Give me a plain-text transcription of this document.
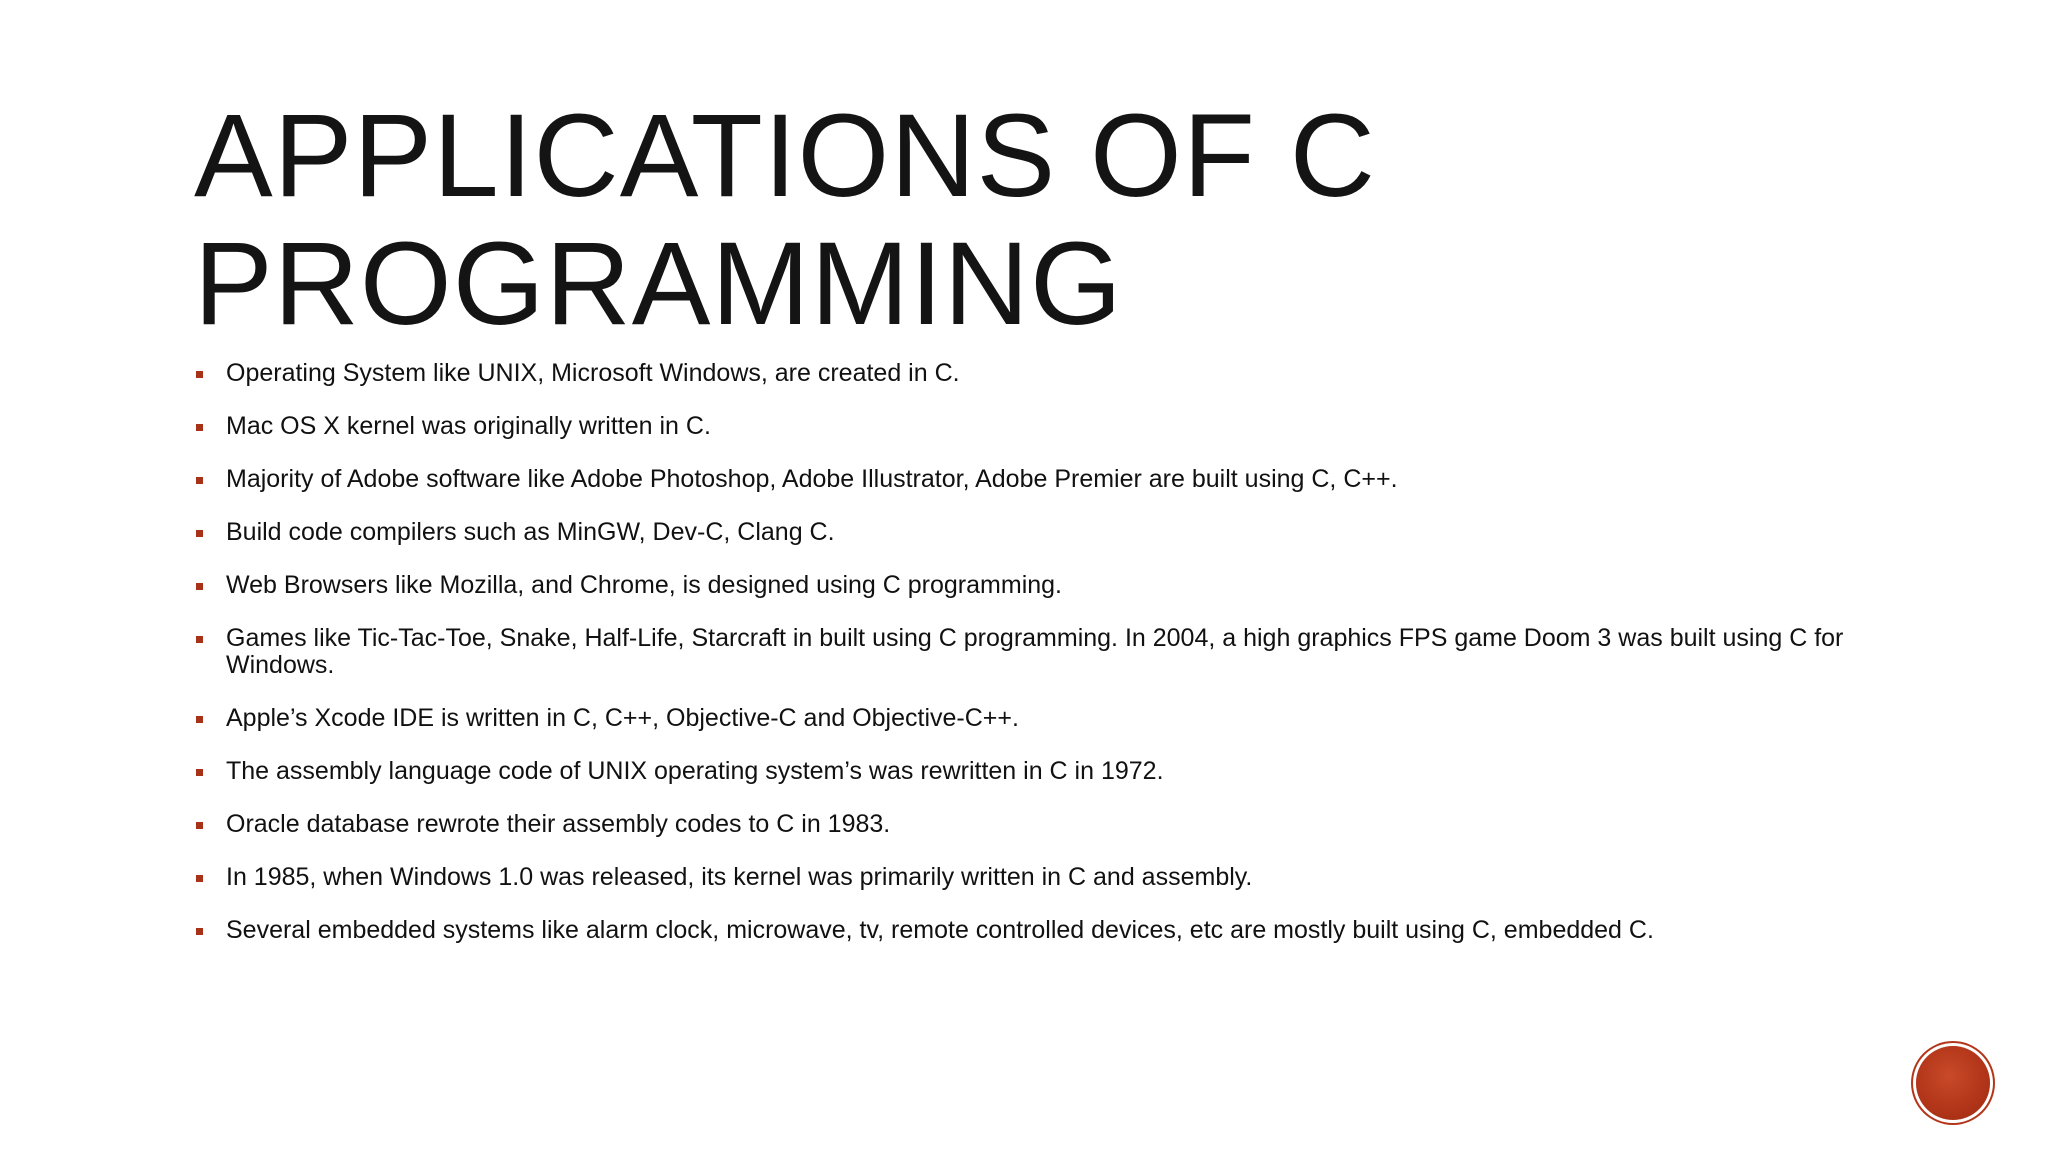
APPLICATIONS OF C
PROGRAMMING
Operating System like UNIX, Microsoft Windows, are created in C.
Mac OS X kernel was originally written in C.
Majority of Adobe software like Adobe Photoshop, Adobe Illustrator, Adobe Premier are built using C, C++.
Build code compilers such as MinGW, Dev-C, Clang C.
Web Browsers like Mozilla, and Chrome, is designed using C programming.
Games like Tic-Tac-Toe, Snake, Half-Life, Starcraft in built using C programming. In 2004, a high graphics FPS game Doom 3 was built using C for Windows.
Apple’s Xcode IDE is written in C, C++, Objective-C and Objective-C++.
The assembly language code of UNIX operating system’s was rewritten in C in 1972.
Oracle database rewrote their assembly codes to C in 1983.
In 1985, when Windows 1.0 was released, its kernel was primarily written in C and assembly.
Several embedded systems like alarm clock, microwave, tv, remote controlled devices, etc are mostly built using C, embedded C.
